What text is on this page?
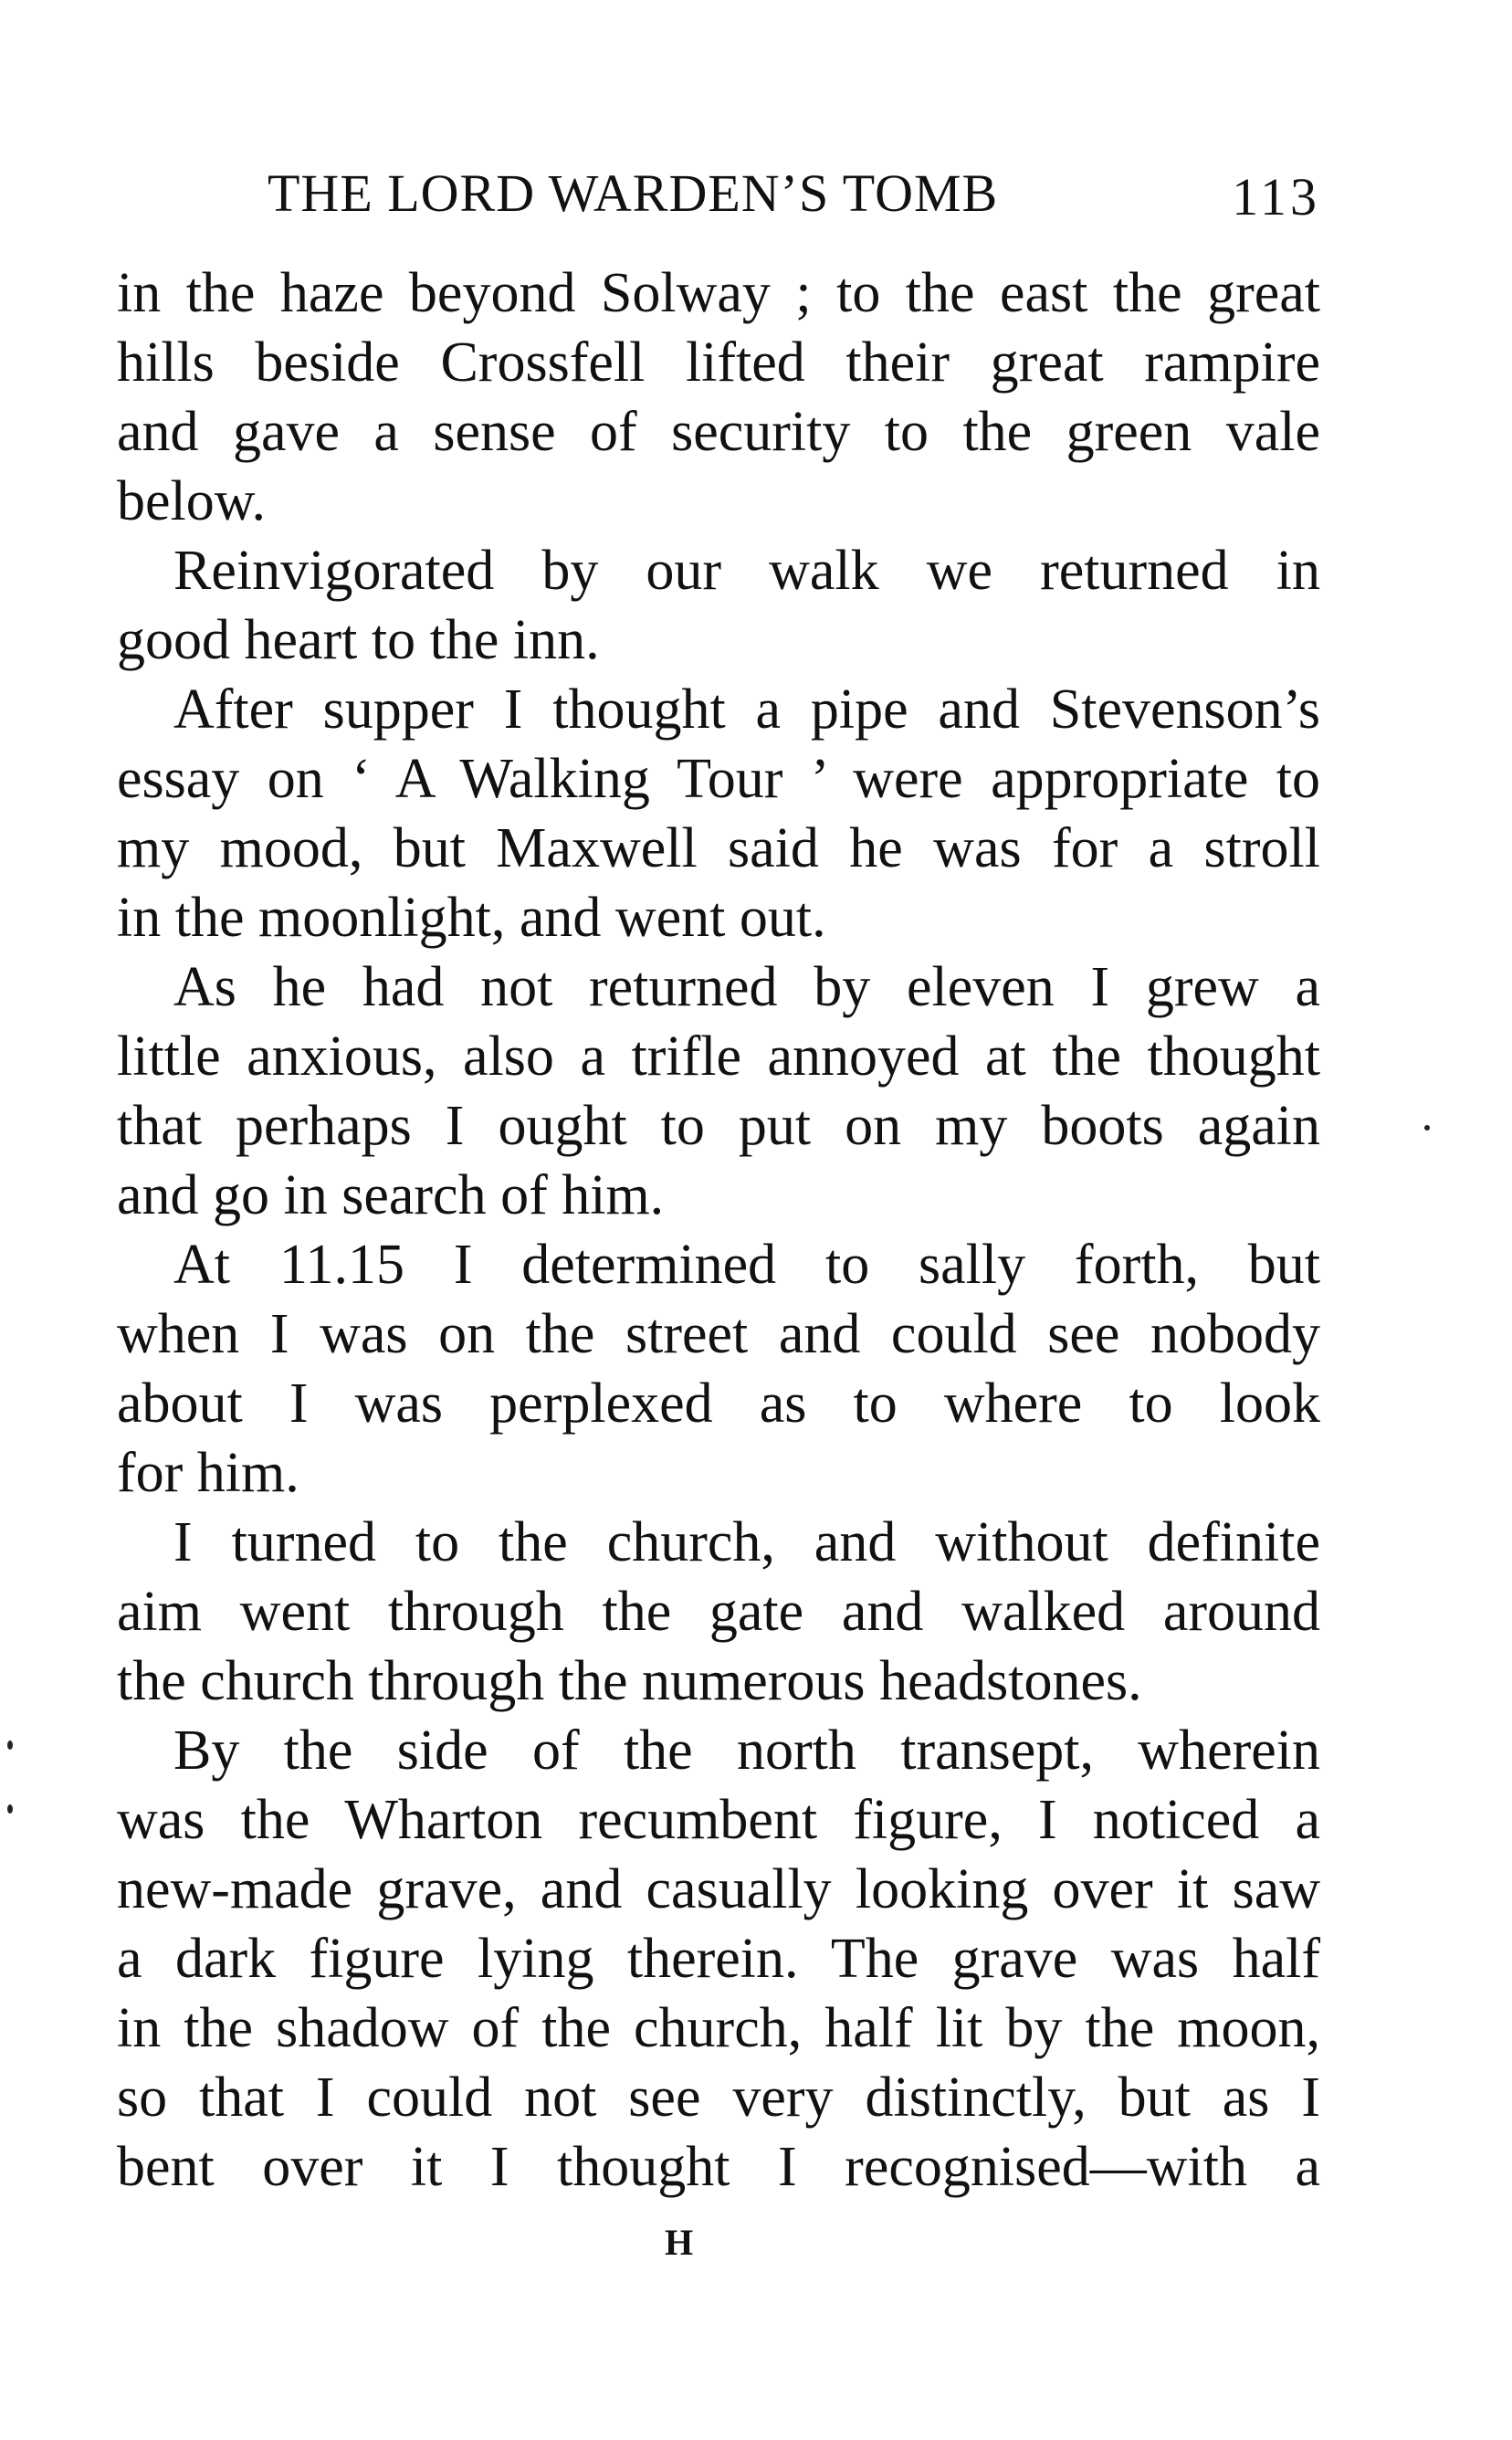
THE LORD WARDEN’S TOMB	113
in the haze beyond Solway ; to the east the great
hills beside Crossfell lifted their great rampire
and gave a sense of security to the green vale
below.
Reinvigorated by our walk we returned in
good heart to the inn.
After supper I thought a pipe and Stevenson’s
essay on ‘ A Walking Tour ’ were appropriate to
my mood, but Maxwell said he was for a stroll
in the moonlight, and went out.
As he had not returned by eleven I grew a
little anxious, also a trifle annoyed at the thought
that perhaps I ought to put on my boots again
and go in search of him.
At 11.15 I determined to sally forth, but
when I was on the street and could see nobody
about I was perplexed as to where to look
for him.
I turned to the church, and without definite
aim went through the gate and walked around
the church through the numerous headstones.
By the side of the north transept, wherein
was the Wharton recumbent figure, I noticed a
new-made grave, and casually looking over it saw
a dark figure lying therein. The grave was half
in the shadow of the church, half lit by the moon,
so that I could not see very distinctly, but as I
bent over it I thought I recognised—with a
H
